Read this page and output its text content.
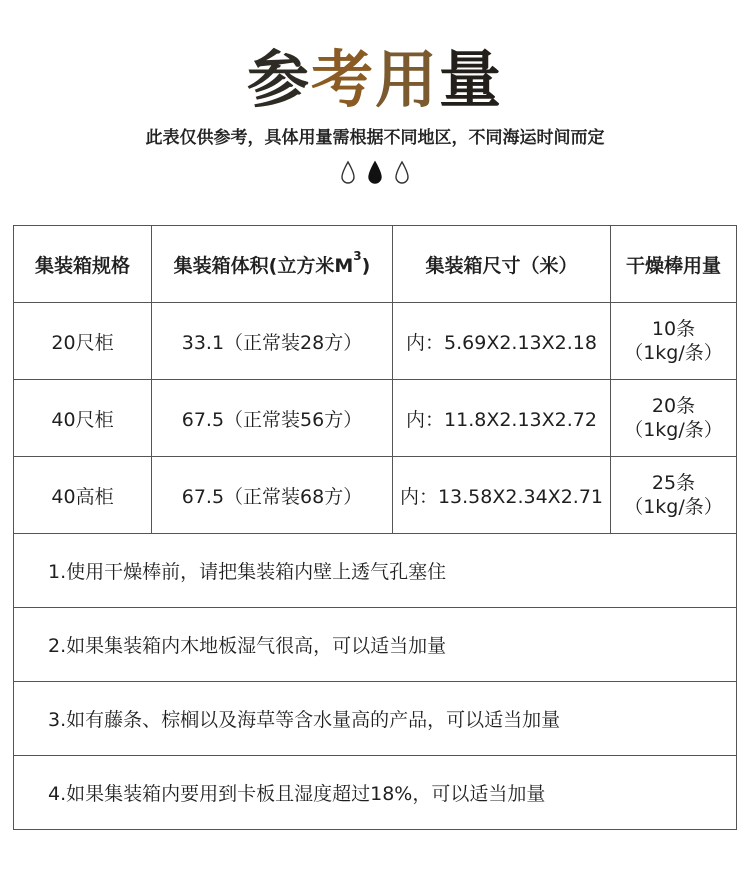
参考用量
此表仅供参考，具体用量需根据不同地区，不同海运时间而定

集装箱规格	集装箱体积(立方米$M^3$)	集装箱尺寸（米）	干燥棒用量
20尺柜	33.1（正常装28方）	内：5.69X2.13X2.18	10条
（1kg/条）

40尺柜	67.5（正常装56方）	内：11.8X2.13X2.72	20条
（1kg/条）

40高柜	67.5（正常装68方）	内：13.58X2.34X2.71	25条
（1kg/条）

1.使用干燥棒前，请把集装箱内壁上透气孔塞住			
2.如果集装箱内木地板湿气很高，可以适当加量			
3.如有藤条、棕榈以及海草等含水量高的产品，可以适当加量			
4.如果集装箱内要用到卡板且湿度超过18%，可以适当加量			
